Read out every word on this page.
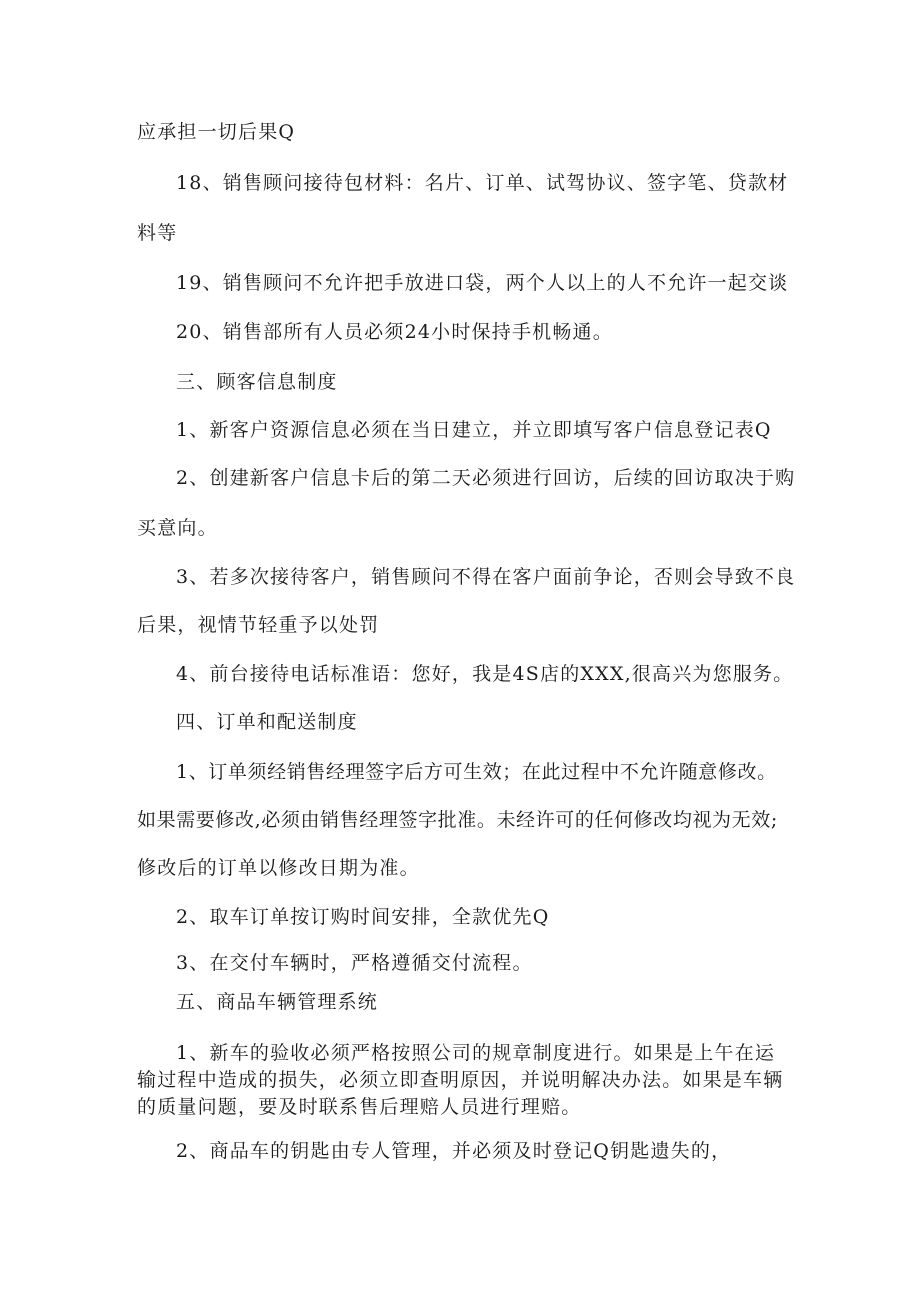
应承担一切后果Q
18、销售顾问接待包材料：名片、订单、试驾协议、签字笔、贷款材
料等
19、销售顾问不允许把手放进口袋，两个人以上的人不允许一起交谈
20、销售部所有人员必须24小时保持手机畅通。
三、顾客信息制度
1、新客户资源信息必须在当日建立，并立即填写客户信息登记表Q
2、创建新客户信息卡后的第二天必须进行回访，后续的回访取决于购
买意向。
3、若多次接待客户，销售顾问不得在客户面前争论，否则会导致不良
后果，视情节轻重予以处罚
4、前台接待电话标准语：您好，我是4S店的XXX,很高兴为您服务。
四、订单和配送制度
1、订单须经销售经理签字后方可生效；在此过程中不允许随意修改。
如果需要修改,必须由销售经理签字批准。未经许可的任何修改均视为无效;
修改后的订单以修改日期为准。
2、取车订单按订购时间安排，全款优先Q
3、在交付车辆时，严格遵循交付流程。
五、商品车辆管理系统
1、新车的验收必须严格按照公司的规章制度进行。如果是上午在运
输过程中造成的损失，必须立即查明原因，并说明解决办法。如果是车辆
的质量问题，要及时联系售后理赔人员进行理赔。
2、商品车的钥匙由专人管理，并必须及时登记Q钥匙遗失的，
